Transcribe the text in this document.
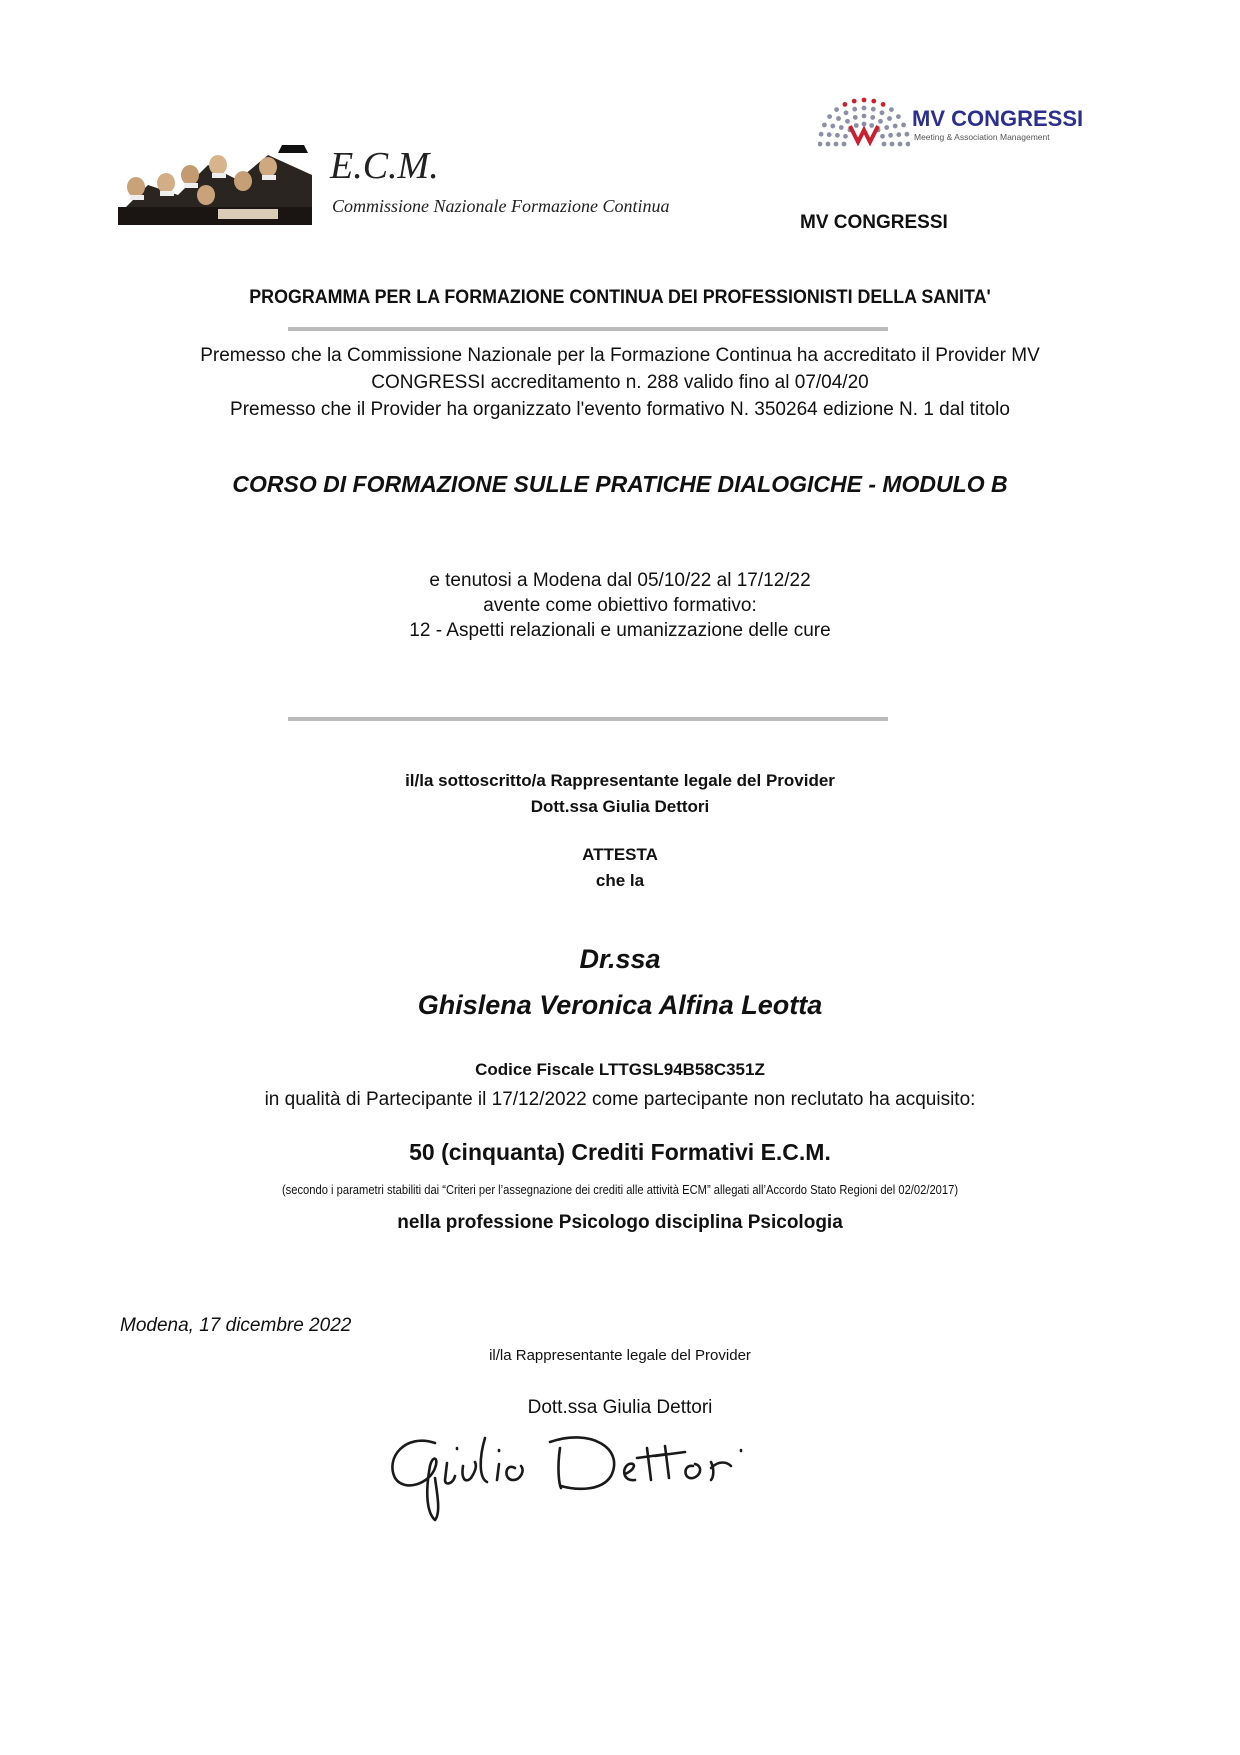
E.C.M.
Commissione Nazionale Formazione Continua
MV CONGRESSI
Meeting & Association Management
MV CONGRESSI
PROGRAMMA PER LA FORMAZIONE CONTINUA DEI PROFESSIONISTI DELLA SANITA'
Premesso che la Commissione Nazionale per la Formazione Continua ha accreditato il Provider MV
CONGRESSI accreditamento n. 288 valido fino al 07/04/20
Premesso che il Provider ha organizzato l'evento formativo N. 350264 edizione N. 1 dal titolo
CORSO DI FORMAZIONE SULLE PRATICHE DIALOGICHE - MODULO B
e tenutosi a Modena dal 05/10/22 al 17/12/22
avente come obiettivo formativo:
12 - Aspetti relazionali e umanizzazione delle cure
il/la sottoscritto/a Rappresentante legale del Provider
Dott.ssa Giulia Dettori
ATTESTA
che la
Dr.ssa
Ghislena Veronica Alfina Leotta
Codice Fiscale LTTGSL94B58C351Z
in qualità di Partecipante il 17/12/2022 come partecipante non reclutato ha acquisito:
50 (cinquanta) Crediti Formativi E.C.M.
(secondo i parametri stabiliti dai “Criteri per l’assegnazione dei crediti alle attività ECM” allegati all’Accordo Stato Regioni del 02/02/2017)
nella professione Psicologo disciplina Psicologia
Modena, 17 dicembre 2022
il/la Rappresentante legale del Provider
Dott.ssa Giulia Dettori
